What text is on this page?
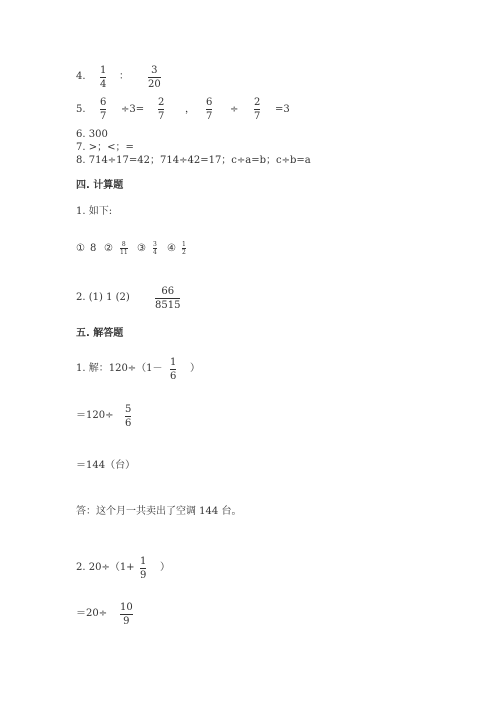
4.
1
4
：
3
20
5.
6
7
÷3=
2
7
，
6
7
÷
2
7
=3
6. 300
7. >；<；=
8. 714÷17=42；714÷42=17；c÷a=b；c÷b=a
四. 计算题
1. 如下:
① 8 ② 8
11 ③ 3
4 ④ 1
2
2. (1) 1 (2)
66
8515
五. 解答题
1. 解：120÷（1－
1
6
）
＝120÷
5
6
＝144（台）
答：这个月一共卖出了空调 144 台。
2. 20÷（1+
1
9
）
＝20÷
10
9
